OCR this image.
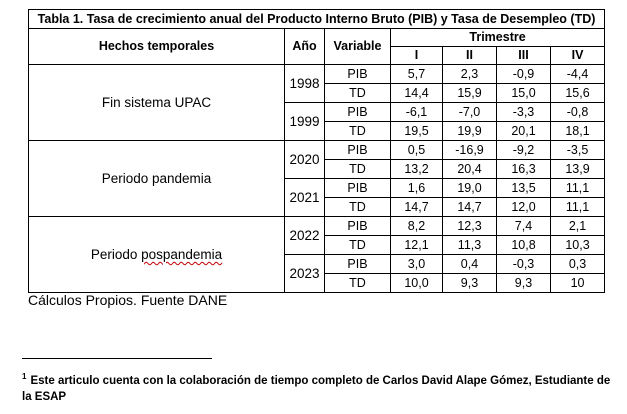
Tabla 1. Tasa de crecimiento anual del Producto Interno Bruto (PIB) y Tasa de Desempleo (TD)						
Hechos temporales	Año	Variable	Trimestre			
			I	II	III	IV
Fin sistema UPAC	1998	PIB	5,7	2,3	-0,9	-4,4
		TD	14,4	15,9	15,0	15,6
	1999	PIB	-6,1	-7,0	-3,3	-0,8
		TD	19,5	19,9	20,1	18,1
Periodo pandemia	2020	PIB	0,5	-16,9	-9,2	-3,5
		TD	13,2	20,4	16,3	13,9
	2021	PIB	1,6	19,0	13,5	11,1
		TD	14,7	14,7	12,0	11,1
Periodo pospandemia	2022	PIB	8,2	12,3	7,4	2,1
		TD	12,1	11,3	10,8	10,3
	2023	PIB	3,0	0,4	-0,3	0,3
		TD	10,0	9,3	9,3	10
Cálculos Propios. Fuente DANE
$^1$ Este articulo cuenta con la colaboración de tiempo completo de Carlos David Alape Gómez, Estudiante de la ESAP
